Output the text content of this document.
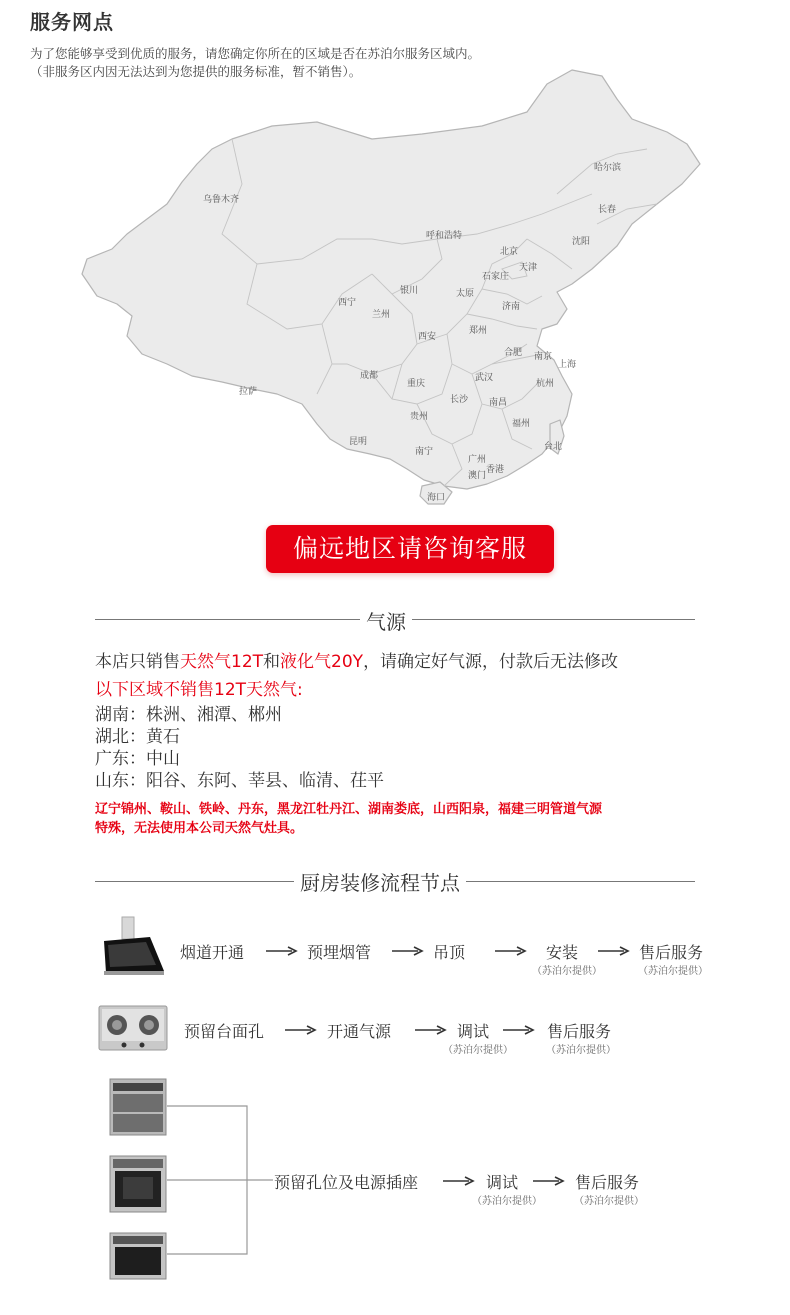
服务网点
为了您能够享受到优质的服务，请您确定你所在的区域是否在苏泊尔服务区域内。
（非服务区内因无法达到为您提供的服务标准，暂不销售）。
乌鲁木齐
哈尔滨
长春
沈阳
呼和浩特
北京
天津
石家庄
银川	太原
济南
西宁
兰州
郑州
西安
合肥 南京
上海
成都	武汉
杭州
拉萨
重庆
长沙 南昌
贵州
福州
台北
昆明
南宁
广州
香港
澳门
海口
偏远地区请咨询客服
气源
本店只销售天然气12T和液化气20Y，请确定好气源，付款后无法修改
以下区域不销售12T天然气:
湖南：株洲、湘潭、郴州
湖北：黄石
广东：中山
山东：阳谷、东阿、莘县、临清、茌平
辽宁锦州、鞍山、铁岭、丹东，黑龙江牡丹江、湖南娄底，山西阳泉，福建三明管道气源
特殊，无法使用本公司天然气灶具。
厨房装修流程节点
烟道开通	预埋烟管	吊顶	安装
（苏泊尔提供）
售后服务
（苏泊尔提供）
预留台面孔	开通气源	调试
（苏泊尔提供）
售后服务
（苏泊尔提供）
预留孔位及电源插座	调试
（苏泊尔提供）
售后服务
（苏泊尔提供）
